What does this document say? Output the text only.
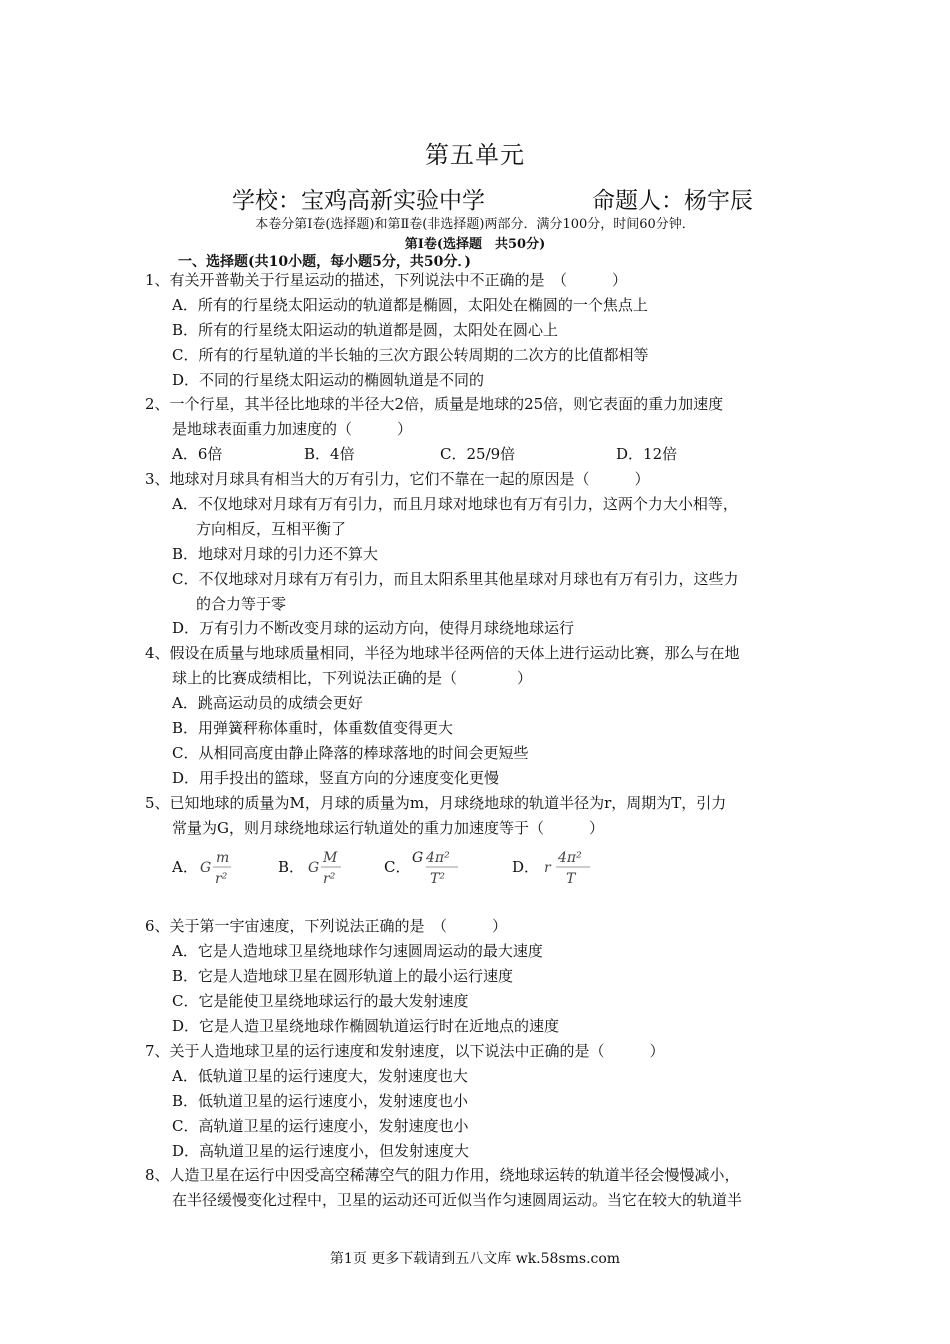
第五单元
学校：宝鸡高新实验中学	命题人：杨宇辰
本卷分第Ⅰ卷(选择题)和第Ⅱ卷(非选择题)两部分．满分100分，时间60分钟．
第Ⅰ卷(选择题　共50分)
一、选择题(共10小题，每小题5分，共50分．)
1、有关开普勒关于行星运动的描述，下列说法中不正确的是　（　　　）
A．所有的行星绕太阳运动的轨道都是椭圆，太阳处在椭圆的一个焦点上
B．所有的行星绕太阳运动的轨道都是圆，太阳处在圆心上
C．所有的行星轨道的半长轴的三次方跟公转周期的二次方的比值都相等
D．不同的行星绕太阳运动的椭圆轨道是不同的
2、一个行星，其半径比地球的半径大2倍，质量是地球的25倍，则它表面的重力加速度
是地球表面重力加速度的（　　　）
A．6倍	B．4倍	C．25/9倍	D．12倍
3、地球对月球具有相当大的万有引力，它们不靠在一起的原因是（　　　）
A．不仅地球对月球有万有引力，而且月球对地球也有万有引力，这两个力大小相等，
方向相反，互相平衡了
B．地球对月球的引力还不算大
C．不仅地球对月球有万有引力，而且太阳系里其他星球对月球也有万有引力，这些力
的合力等于零
D．万有引力不断改变月球的运动方向，使得月球绕地球运行
4、假设在质量与地球质量相同，半径为地球半径两倍的天体上进行运动比赛，那么与在地
球上的比赛成绩相比，下列说法正确的是（　　　　）
A．跳高运动员的成绩会更好
B．用弹簧秤称体重时，体重数值变得更大
C．从相同高度由静止降落的棒球落地的时间会更短些
D．用手投出的篮球，竖直方向的分速度变化更慢
5、已知地球的质量为M，月球的质量为m，月球绕地球的轨道半径为r，周期为T，引力
常量为G，则月球绕地球运行轨道处的重力加速度等于（　　　）
A． G
m
r²
B． G
M
r²
C． G 4π²
T²
D． r
4π²
T
6、关于第一宇宙速度，下列说法正确的是　（　　　）
A．它是人造地球卫星绕地球作匀速圆周运动的最大速度
B．它是人造地球卫星在圆形轨道上的最小运行速度
C．它是能使卫星绕地球运行的最大发射速度
D．它是人造卫星绕地球作椭圆轨道运行时在近地点的速度
7、关于人造地球卫星的运行速度和发射速度，以下说法中正确的是（　　　）
A．低轨道卫星的运行速度大，发射速度也大
B．低轨道卫星的运行速度小，发射速度也小
C．高轨道卫星的运行速度小，发射速度也小
D．高轨道卫星的运行速度小，但发射速度大
8、人造卫星在运行中因受高空稀薄空气的阻力作用，绕地球运转的轨道半径会慢慢减小，
在半径缓慢变化过程中，卫星的运动还可近似当作匀速圆周运动。当它在较大的轨道半
第1页 更多下载请到五八文库 wk.58sms.com
